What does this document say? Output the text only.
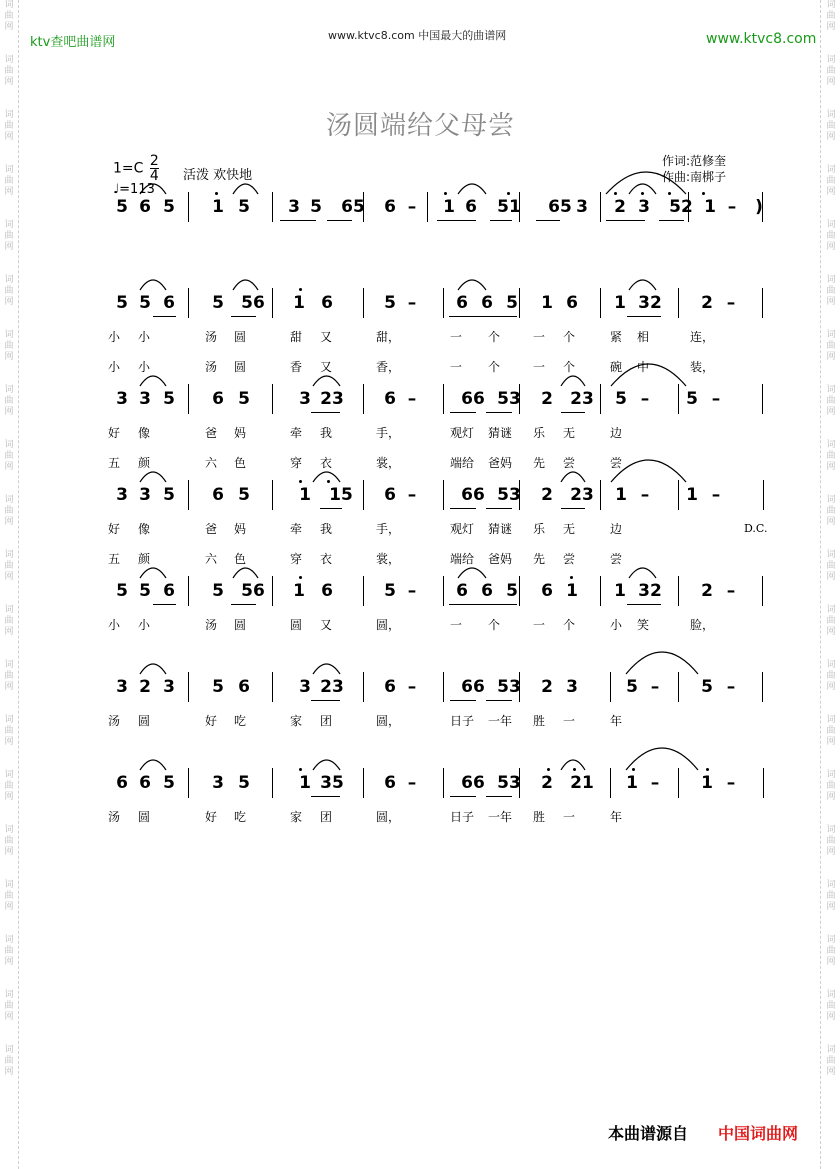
词
曲
网

词
曲
网

词
曲
网

词
曲
网

词
曲
网

词
曲
网

词
曲
网

词
曲
网

词
曲
网

词
曲
网

词
曲
网

词
曲
网

词
曲
网

词
曲
网

词
曲
网

词
曲
网

词
曲
网

词
曲
网

词
曲
网

词
曲
网

词
曲
网

词
曲
网

词
曲
网

词
曲
网

词
曲
网

词
曲
网

词
曲
网

词
曲
网

词
曲
网

词
曲
网

词
曲
网

词
曲
网

词
曲
网

词
曲
网

词
曲
网

词
曲
网

词
曲
网

词
曲
网

词
曲
网

词
曲
网

ktv查吧曲谱网	www.ktvc8.com 中国最大的曲谱网	www.ktvc8.com
汤圆端给父母尝
$1=C \frac{2}{4}$ 活泼 欢快地
♩=113
作词:范修奎
作曲:南梆子
5 6 5 1 5 3 5 65 6 – 1 6 51 65 3 2 3 52 1 –	)
5 5 6 5 56 1 6	5 – 6 6 5 1 6 1 32 2 –
小 小	汤 圆	甜 又	甜，	一 个	一 个	紧 相	连，
小 小	汤 圆	香 又	香，	一 个	一 个	碗 中	装，
3 3 5 6 5	3 23 6 –	66 53 2 23 5 – 5 –
好 像	爸 妈	牵 我	手，	观灯 猜谜 乐 无	边
五 颜	六 色	穿 衣	裳，	端给 爸妈 先 尝	尝
3 3 5 6 5	1 15 6 –	66 53 2 23 1 – 1 –
好 像	爸 妈	牵 我	手，	观灯 猜谜 乐 无	边
五 颜	六 色	穿 衣	裳，	端给 爸妈 先 尝	尝
5 5 6 5 56 1 6	5 – 6 6 5 6 1 1 32 2 –
小 小	汤 圆	圆 又	圆，	一 个	一 个	小 笑	脸，
3 2 3 5 6	3 23 6 –	66 53 2 3	5 – 5 –
汤 圆	好 吃	家 团	圆，	日子 一年 胜 一	年
6 6 5 3 5	1 35 6 –	66 53 2 21 1 – 1 –
汤 圆	好 吃	家 团	圆，	日子 一年 胜 一	年
D.C.
本曲谱源自 中国词曲网
